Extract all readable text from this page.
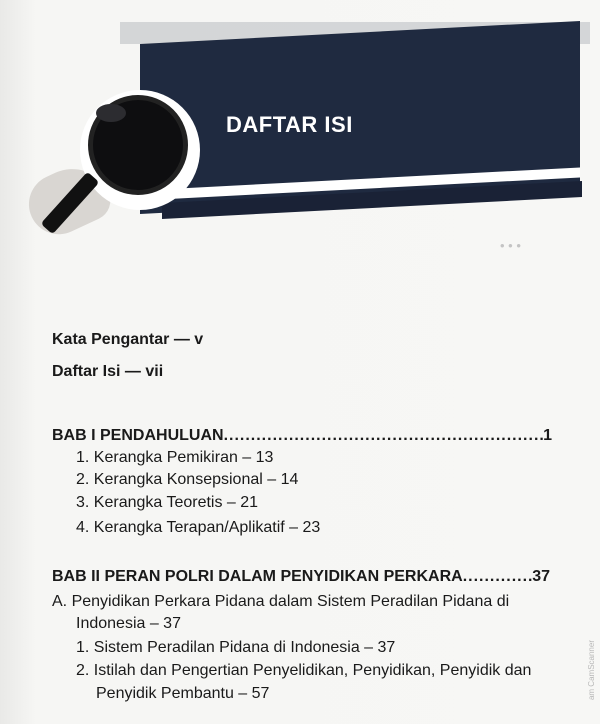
• • •
DAFTAR ISI
Kata Pengantar — v
Daftar Isi — vii
BAB I PENDAHULUAN .....	1
1. Kerangka Pemikiran – 13
2. Kerangka Konsepsional – 14
3. Kerangka Teoretis – 21
4. Kerangka Terapan/Aplikatif – 23
BAB II PERAN POLRI DALAM PENYIDIKAN PERKARA .....	37
A. Penyidikan Perkara Pidana dalam Sistem Peradilan Pidana di
Indonesia – 37
1. Sistem Peradilan Pidana di Indonesia – 37
2. Istilah dan Pengertian Penyelidikan, Penyidikan, Penyidik dan
Penyidik Pembantu – 57	am CamScanner
